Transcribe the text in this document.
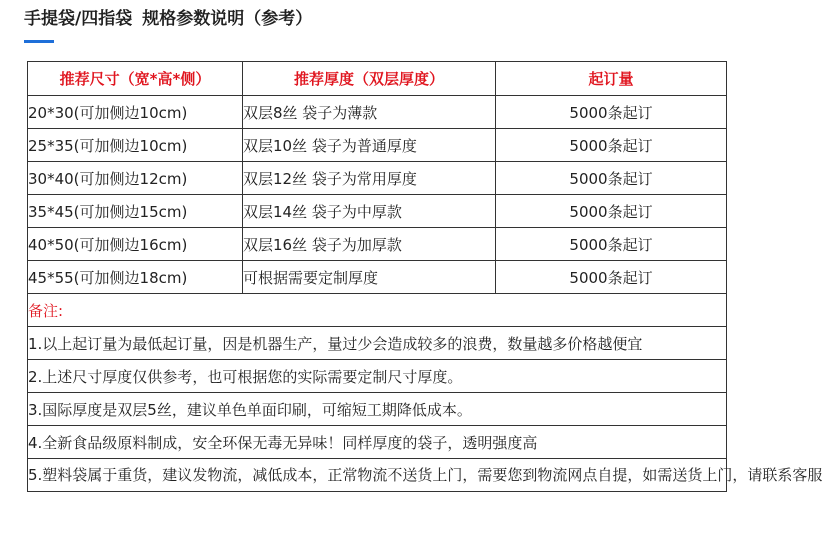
手提袋/四指袋 规格参数说明（参考）
推荐尺寸（宽*高*侧）	推荐厚度（双层厚度）	起订量
20*30(可加侧边10cm)	双层8丝 袋子为薄款	5000条起订
25*35(可加侧边10cm)	双层10丝 袋子为普通厚度	5000条起订
30*40(可加侧边12cm)	双层12丝 袋子为常用厚度	5000条起订
35*45(可加侧边15cm)	双层14丝 袋子为中厚款	5000条起订
40*50(可加侧边16cm)	双层16丝 袋子为加厚款	5000条起订
45*55(可加侧边18cm)	可根据需要定制厚度	5000条起订
备注:		
1.以上起订量为最低起订量，因是机器生产，量过少会造成较多的浪费，数量越多价格越便宜		
2.上述尺寸厚度仅供参考，也可根据您的实际需要定制尺寸厚度。		
3.国际厚度是双层5丝，建议单色单面印刷，可缩短工期降低成本。		
4.全新食品级原料制成，安全环保无毒无异味！同样厚度的袋子，透明强度高		
5.塑料袋属于重货，建议发物流，减低成本，正常物流不送货上门，需要您到物流网点自提，如需送货上门，请联系客服		
